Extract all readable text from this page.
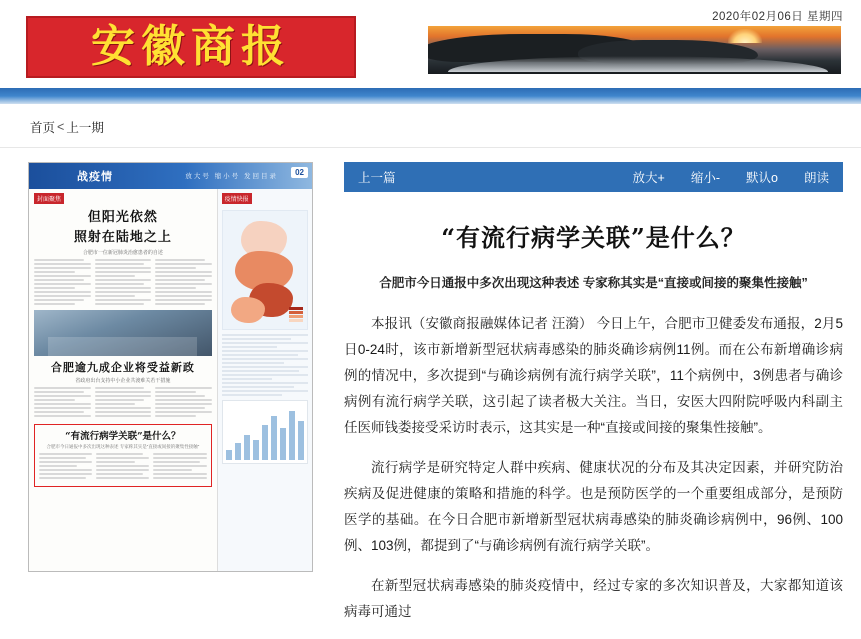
2020年02月06日 星期四
安徽商报
首页 < 上一期
战疫情	放大号 缩小号 发回目录	02
封面聚焦
但阳光依然
照射在陆地之上
合肥市一位新冠肺炎治愈患者的自述
合肥逾九成企业将受益新政
省政府出台支持中小企业共渡难关若干措施
“有流行病学关联”是什么？
合肥市今日通报中多次出现这种表述 专家称其实是“直接或间接的聚集性接触”
疫情快报
上一篇	放大+ 缩小- 默认o 朗读
“有流行病学关联”是什么？
合肥市今日通报中多次出现这种表述 专家称其实是“直接或间接的聚集性接触”

本报讯（安徽商报融媒体记者 汪漪） 今日上午，合肥市卫健委发布通报，2月5日0-24时，该市新增新型冠状病毒感染的肺炎确诊病例11例。而在公布新增确诊病例的情况中，多次提到“与确诊病例有流行病学关联”，11个病例中，3例患者与确诊病例有流行病学关联，这引起了读者极大关注。当日，安医大四附院呼吸内科副主任医师钱娄接受采访时表示，这其实是一种“直接或间接的聚集性接触”。

流行病学是研究特定人群中疾病、健康状况的分布及其决定因素，并研究防治疾病及促进健康的策略和措施的科学。也是预防医学的一个重要组成部分，是预防医学的基础。在今日合肥市新增新型冠状病毒感染的肺炎确诊病例中，96例、100例、103例，都提到了“与确诊病例有流行病学关联”。

在新型冠状病毒感染的肺炎疫情中，经过专家的多次知识普及，大家都知道该病毒可通过
